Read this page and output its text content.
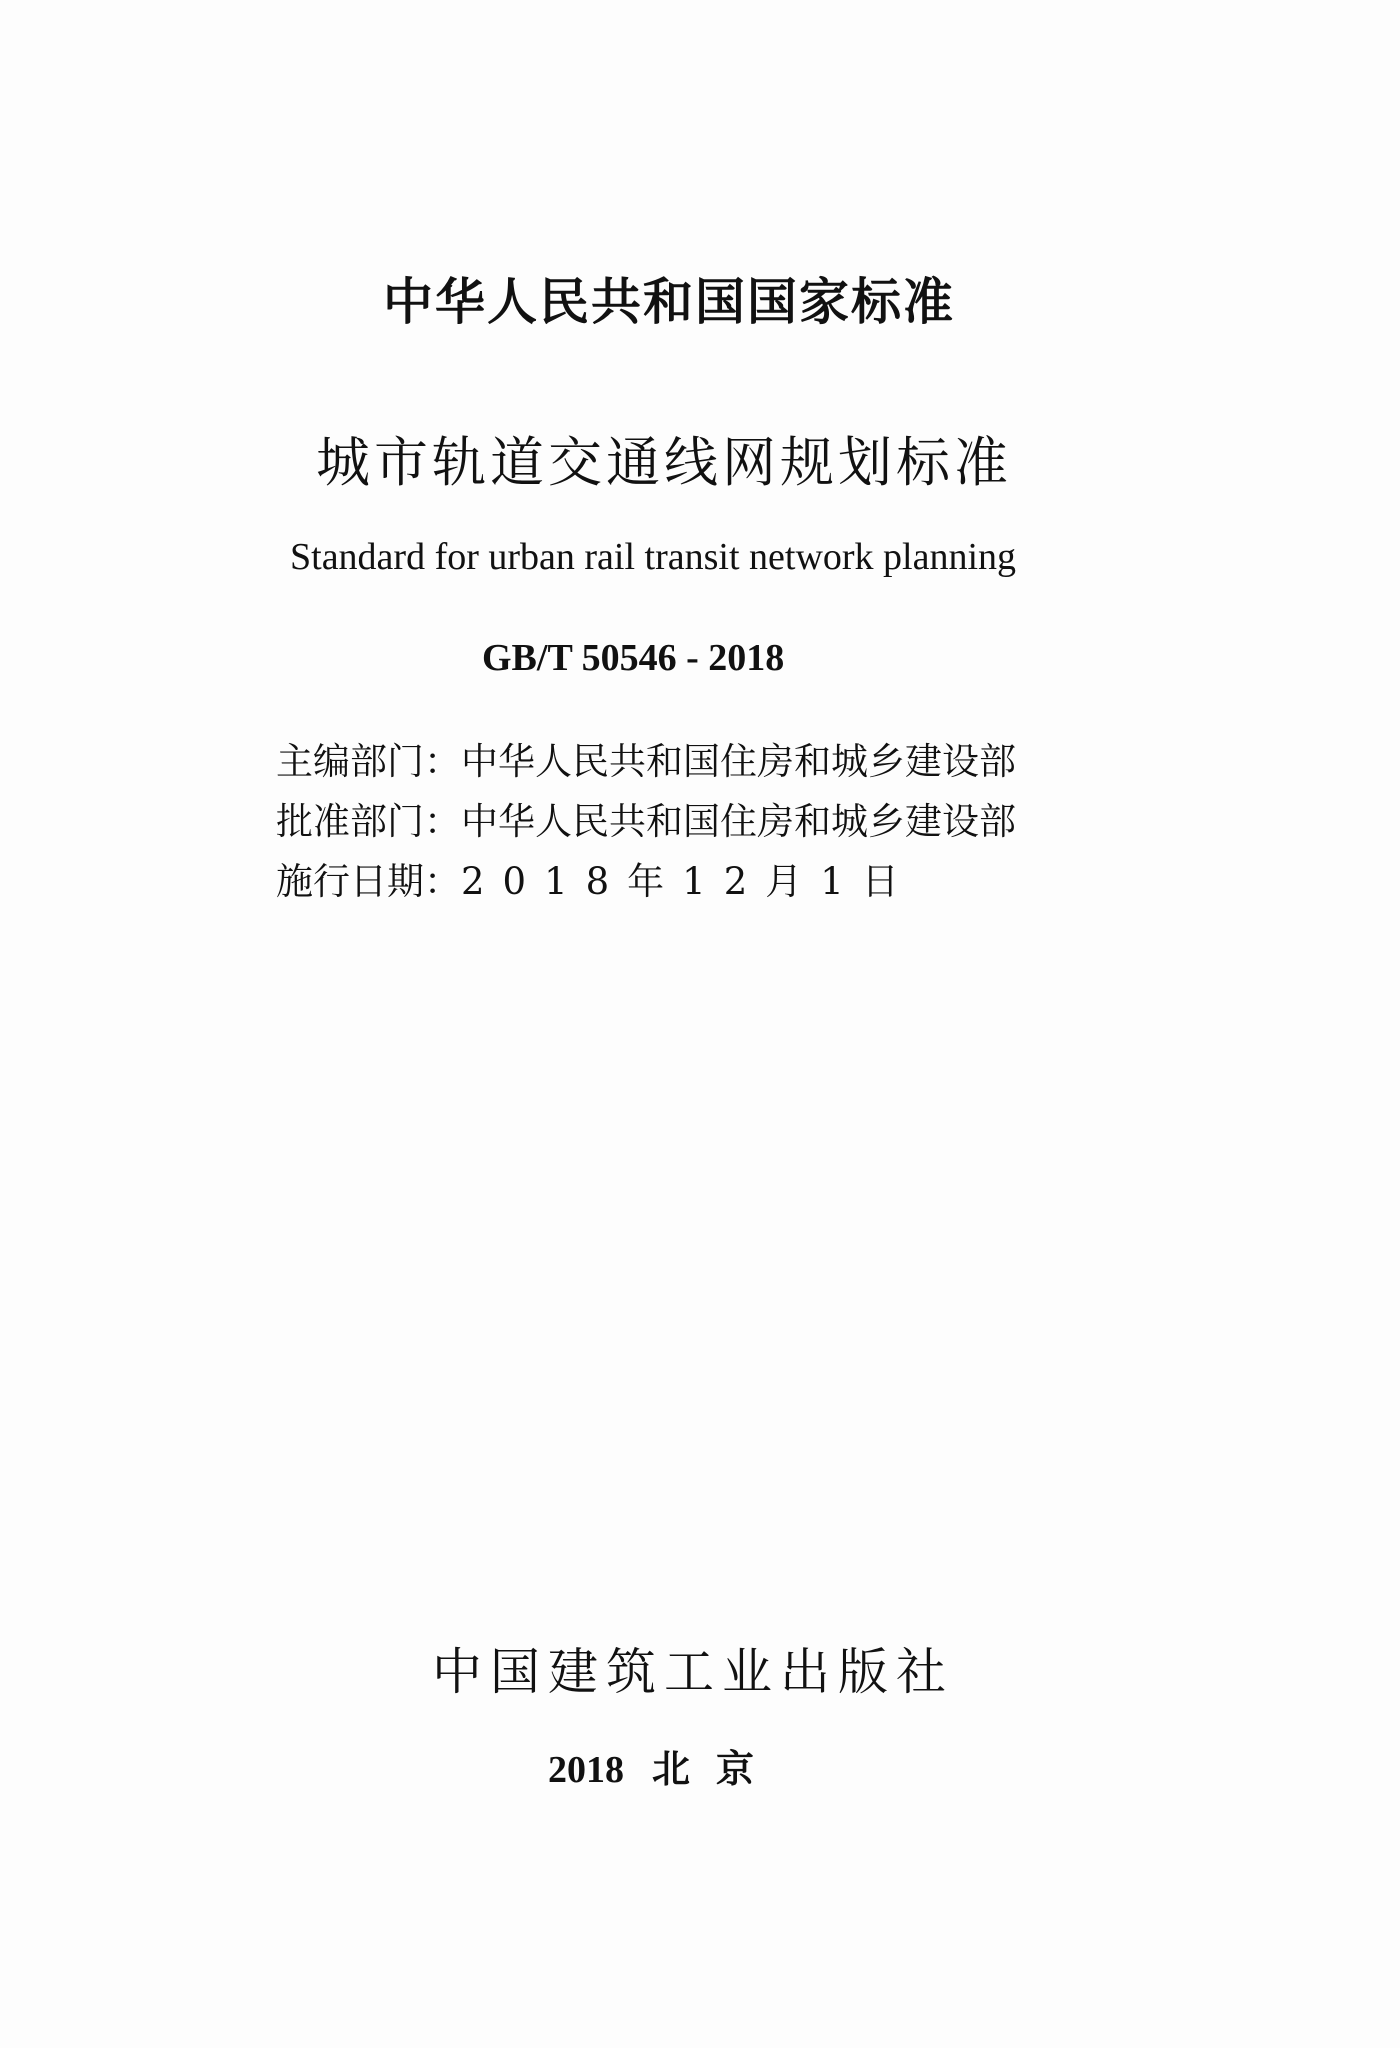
中华人民共和国国家标准

城市轨道交通线网规划标准

Standard for urban rail transit network planning

GB/T 50546 - 2018

主编部门：中华人民共和国住房和城乡建设部
批准部门：中华人民共和国住房和城乡建设部
施行日期：2018年12月1日

中国建筑工业出版社

2018 北京
